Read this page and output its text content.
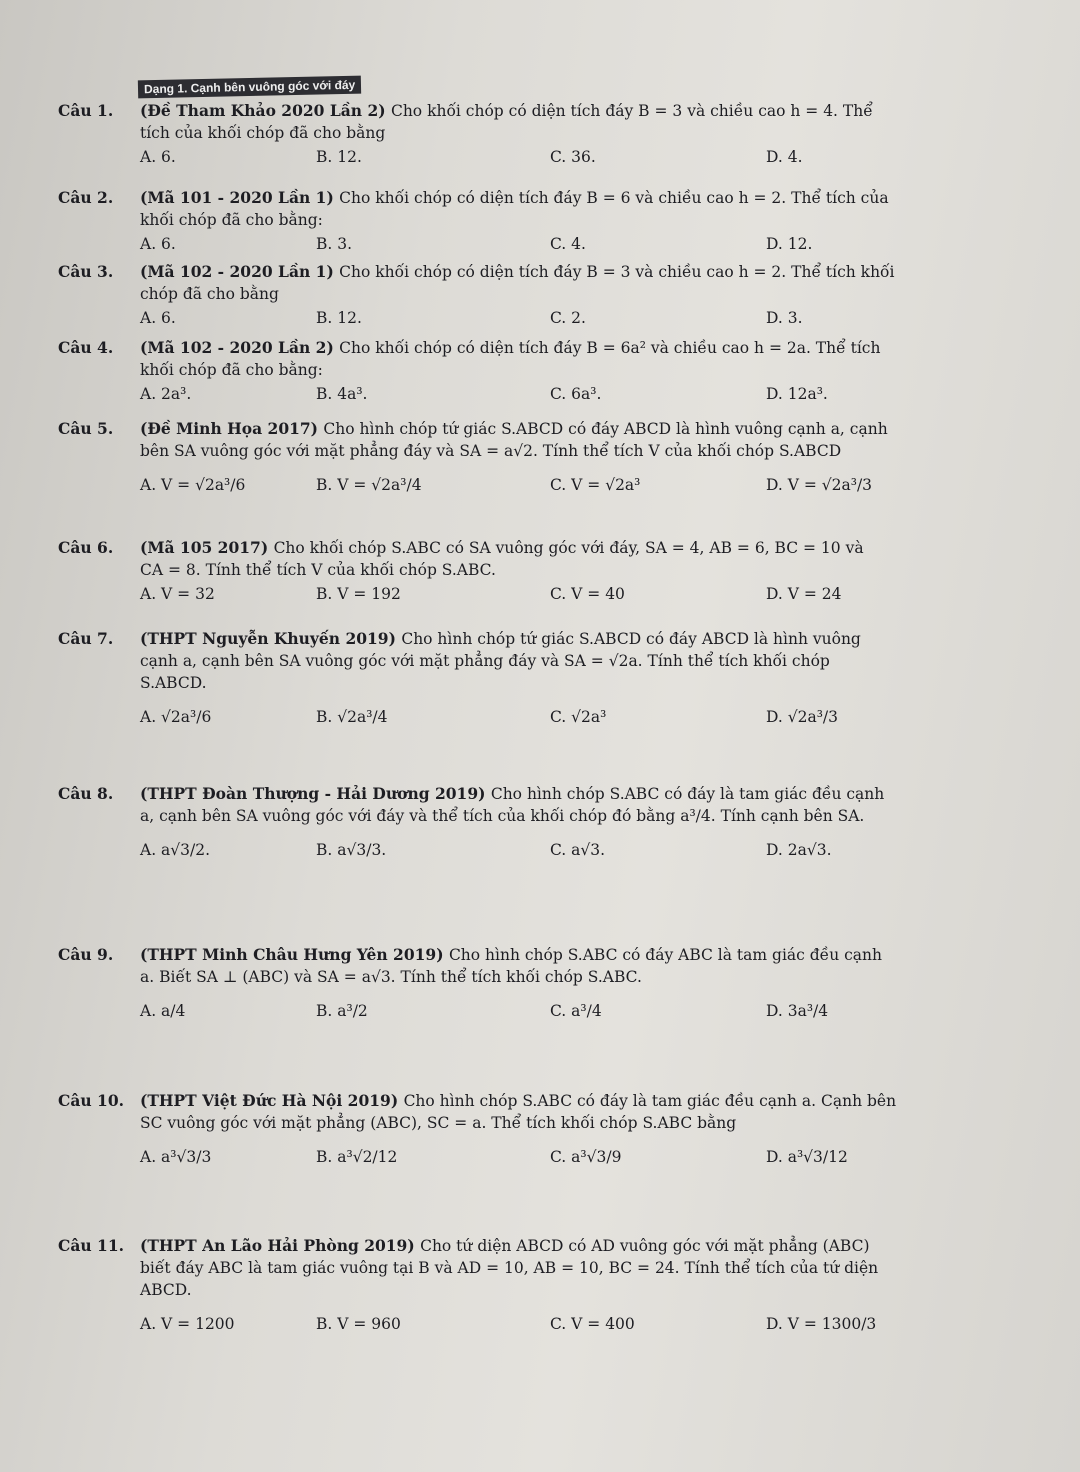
Dạng 1. Cạnh bên vuông góc với đáy
Câu 1. (Đề Tham Khảo 2020 Lần 2) Cho khối chóp có diện tích đáy B = 3 và chiều cao h = 4. Thể
tích của khối chóp đã cho bằng
A. 6.	B. 12.	C. 36.	D. 4.
Câu 2. (Mã 101 - 2020 Lần 1) Cho khối chóp có diện tích đáy B = 6 và chiều cao h = 2. Thể tích của
khối chóp đã cho bằng:
A. 6.	B. 3.	C. 4.	D. 12.
Câu 3. (Mã 102 - 2020 Lần 1) Cho khối chóp có diện tích đáy B = 3 và chiều cao h = 2. Thể tích khối
chóp đã cho bằng
A. 6.	B. 12.	C. 2.	D. 3.
Câu 4. (Mã 102 - 2020 Lần 2) Cho khối chóp có diện tích đáy B = 6a² và chiều cao h = 2a. Thể tích
khối chóp đã cho bằng:
A. 2a³.	B. 4a³.	C. 6a³.	D. 12a³.
Câu 5. (Đề Minh Họa 2017) Cho hình chóp tứ giác S.ABCD có đáy ABCD là hình vuông cạnh a, cạnh
bên SA vuông góc với mặt phẳng đáy và SA = a√2. Tính thể tích V của khối chóp S.ABCD
A. V = √2a³/6	B. V = √2a³/4	C. V = √2a³	D. V = √2a³/3
Câu 6. (Mã 105 2017) Cho khối chóp S.ABC có SA vuông góc với đáy, SA = 4, AB = 6, BC = 10 và
CA = 8. Tính thể tích V của khối chóp S.ABC.
A. V = 32	B. V = 192	C. V = 40	D. V = 24
Câu 7. (THPT Nguyễn Khuyến 2019) Cho hình chóp tứ giác S.ABCD có đáy ABCD là hình vuông
cạnh a, cạnh bên SA vuông góc với mặt phẳng đáy và SA = √2a. Tính thể tích khối chóp
S.ABCD.
A. √2a³/6	B. √2a³/4	C. √2a³	D. √2a³/3
Câu 8. (THPT Đoàn Thượng - Hải Dương 2019) Cho hình chóp S.ABC có đáy là tam giác đều cạnh
a, cạnh bên SA vuông góc với đáy và thể tích của khối chóp đó bằng a³/4. Tính cạnh bên SA.
A. a√3/2.	B. a√3/3.	C. a√3.	D. 2a√3.
Câu 9. (THPT Minh Châu Hưng Yên 2019) Cho hình chóp S.ABC có đáy ABC là tam giác đều cạnh
a. Biết SA ⊥ (ABC) và SA = a√3. Tính thể tích khối chóp S.ABC.
A. a/4	B. a³/2	C. a³/4	D. 3a³/4
Câu 10. (THPT Việt Đức Hà Nội 2019) Cho hình chóp S.ABC có đáy là tam giác đều cạnh a. Cạnh bên
SC vuông góc với mặt phẳng (ABC), SC = a. Thể tích khối chóp S.ABC bằng
A. a³√3/3	B. a³√2/12	C. a³√3/9	D. a³√3/12
Câu 11. (THPT An Lão Hải Phòng 2019) Cho tứ diện ABCD có AD vuông góc với mặt phẳng (ABC)
biết đáy ABC là tam giác vuông tại B và AD = 10, AB = 10, BC = 24. Tính thể tích của tứ diện
ABCD.
A. V = 1200	B. V = 960	C. V = 400	D. V = 1300/3
